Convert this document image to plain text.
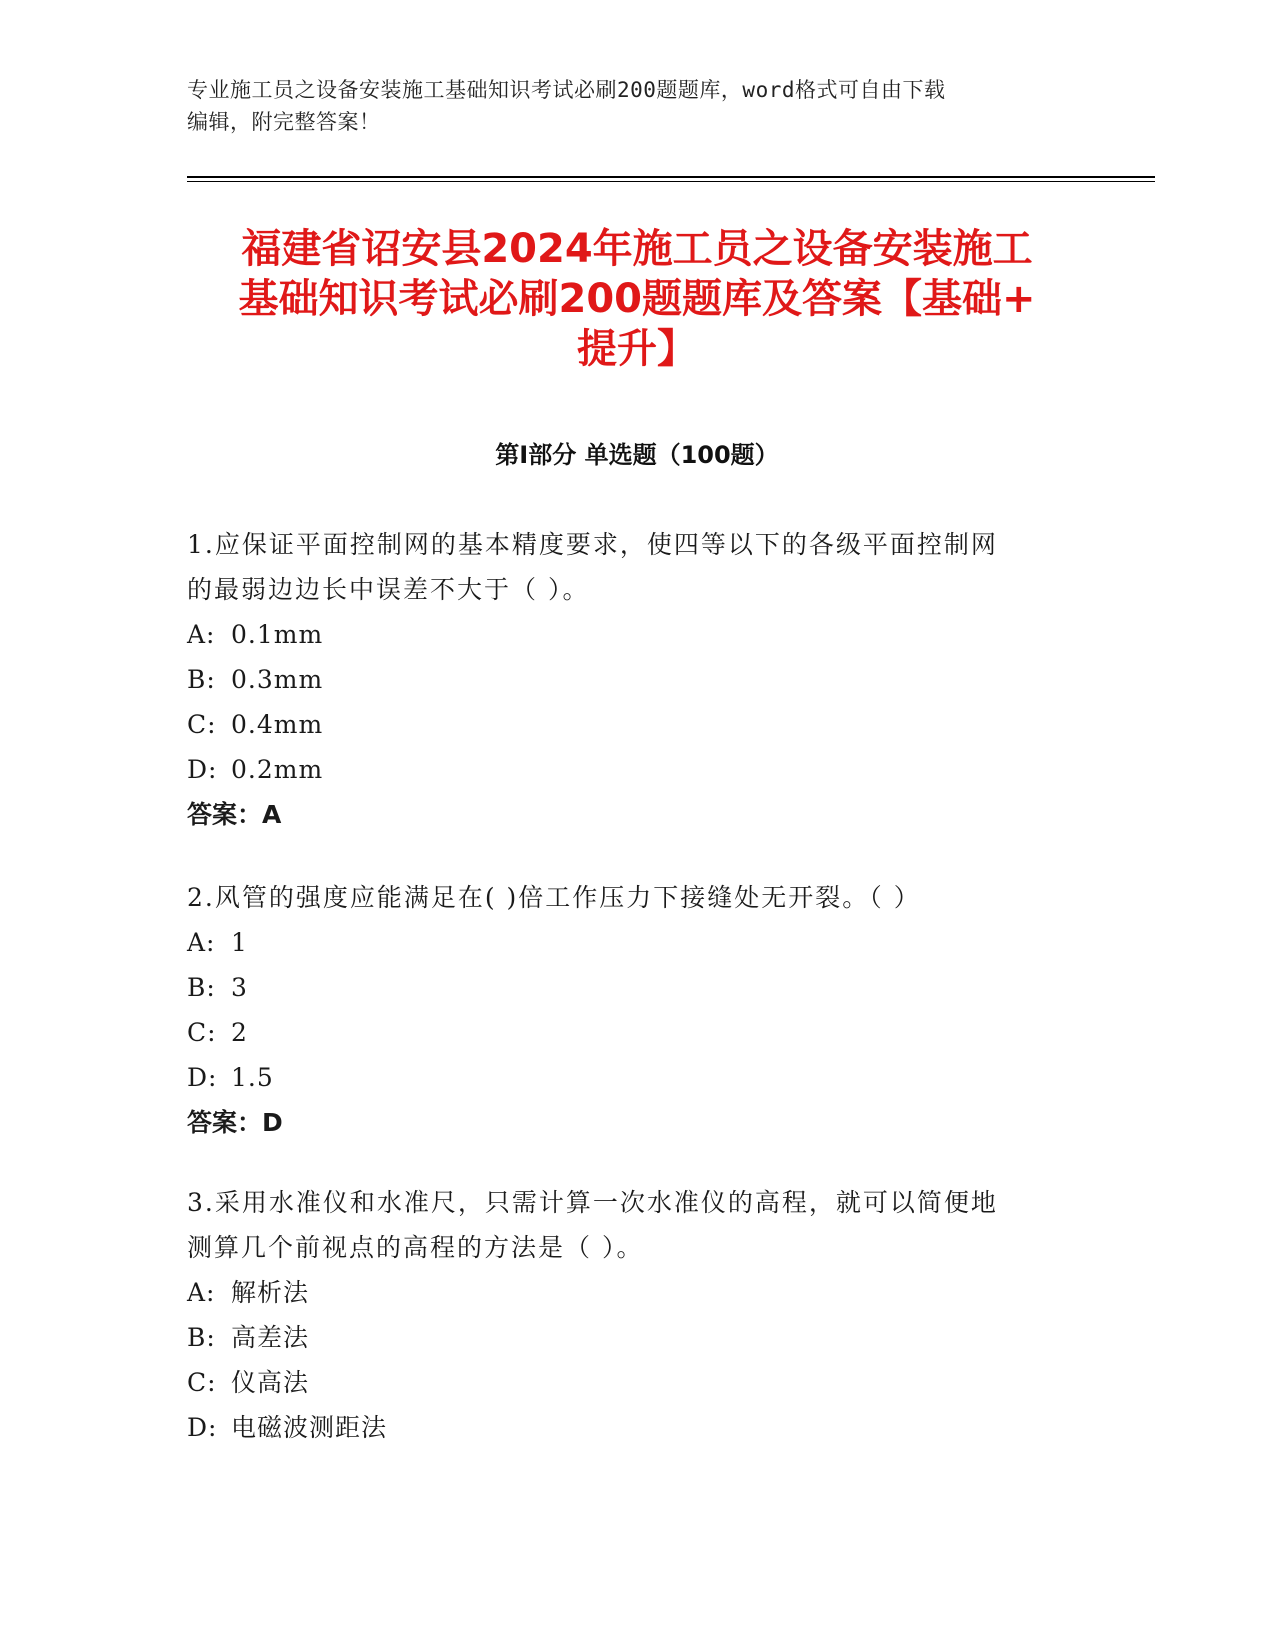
专业施工员之设备安装施工基础知识考试必刷200题题库，word格式可自由下载
编辑，附完整答案！
福建省诏安县2024年施工员之设备安装施工
基础知识考试必刷200题题库及答案【基础+
提升】
第Ⅰ部分 单选题（100题）

1.应保证平面控制网的基本精度要求，使四等以下的各级平面控制网

的最弱边边长中误差不大于（ ）。

A: 0.1mm

B: 0.3mm

C: 0.4mm

D: 0.2mm

答案：A

2.风管的强度应能满足在( )倍工作压力下接缝处无开裂。（ ）

A: 1

B: 3

C: 2

D: 1.5

答案：D

3.采用水准仪和水准尺，只需计算一次水准仪的高程，就可以简便地

测算几个前视点的高程的方法是（ ）。

A: 解析法

B: 高差法

C: 仪高法

D: 电磁波测距法
